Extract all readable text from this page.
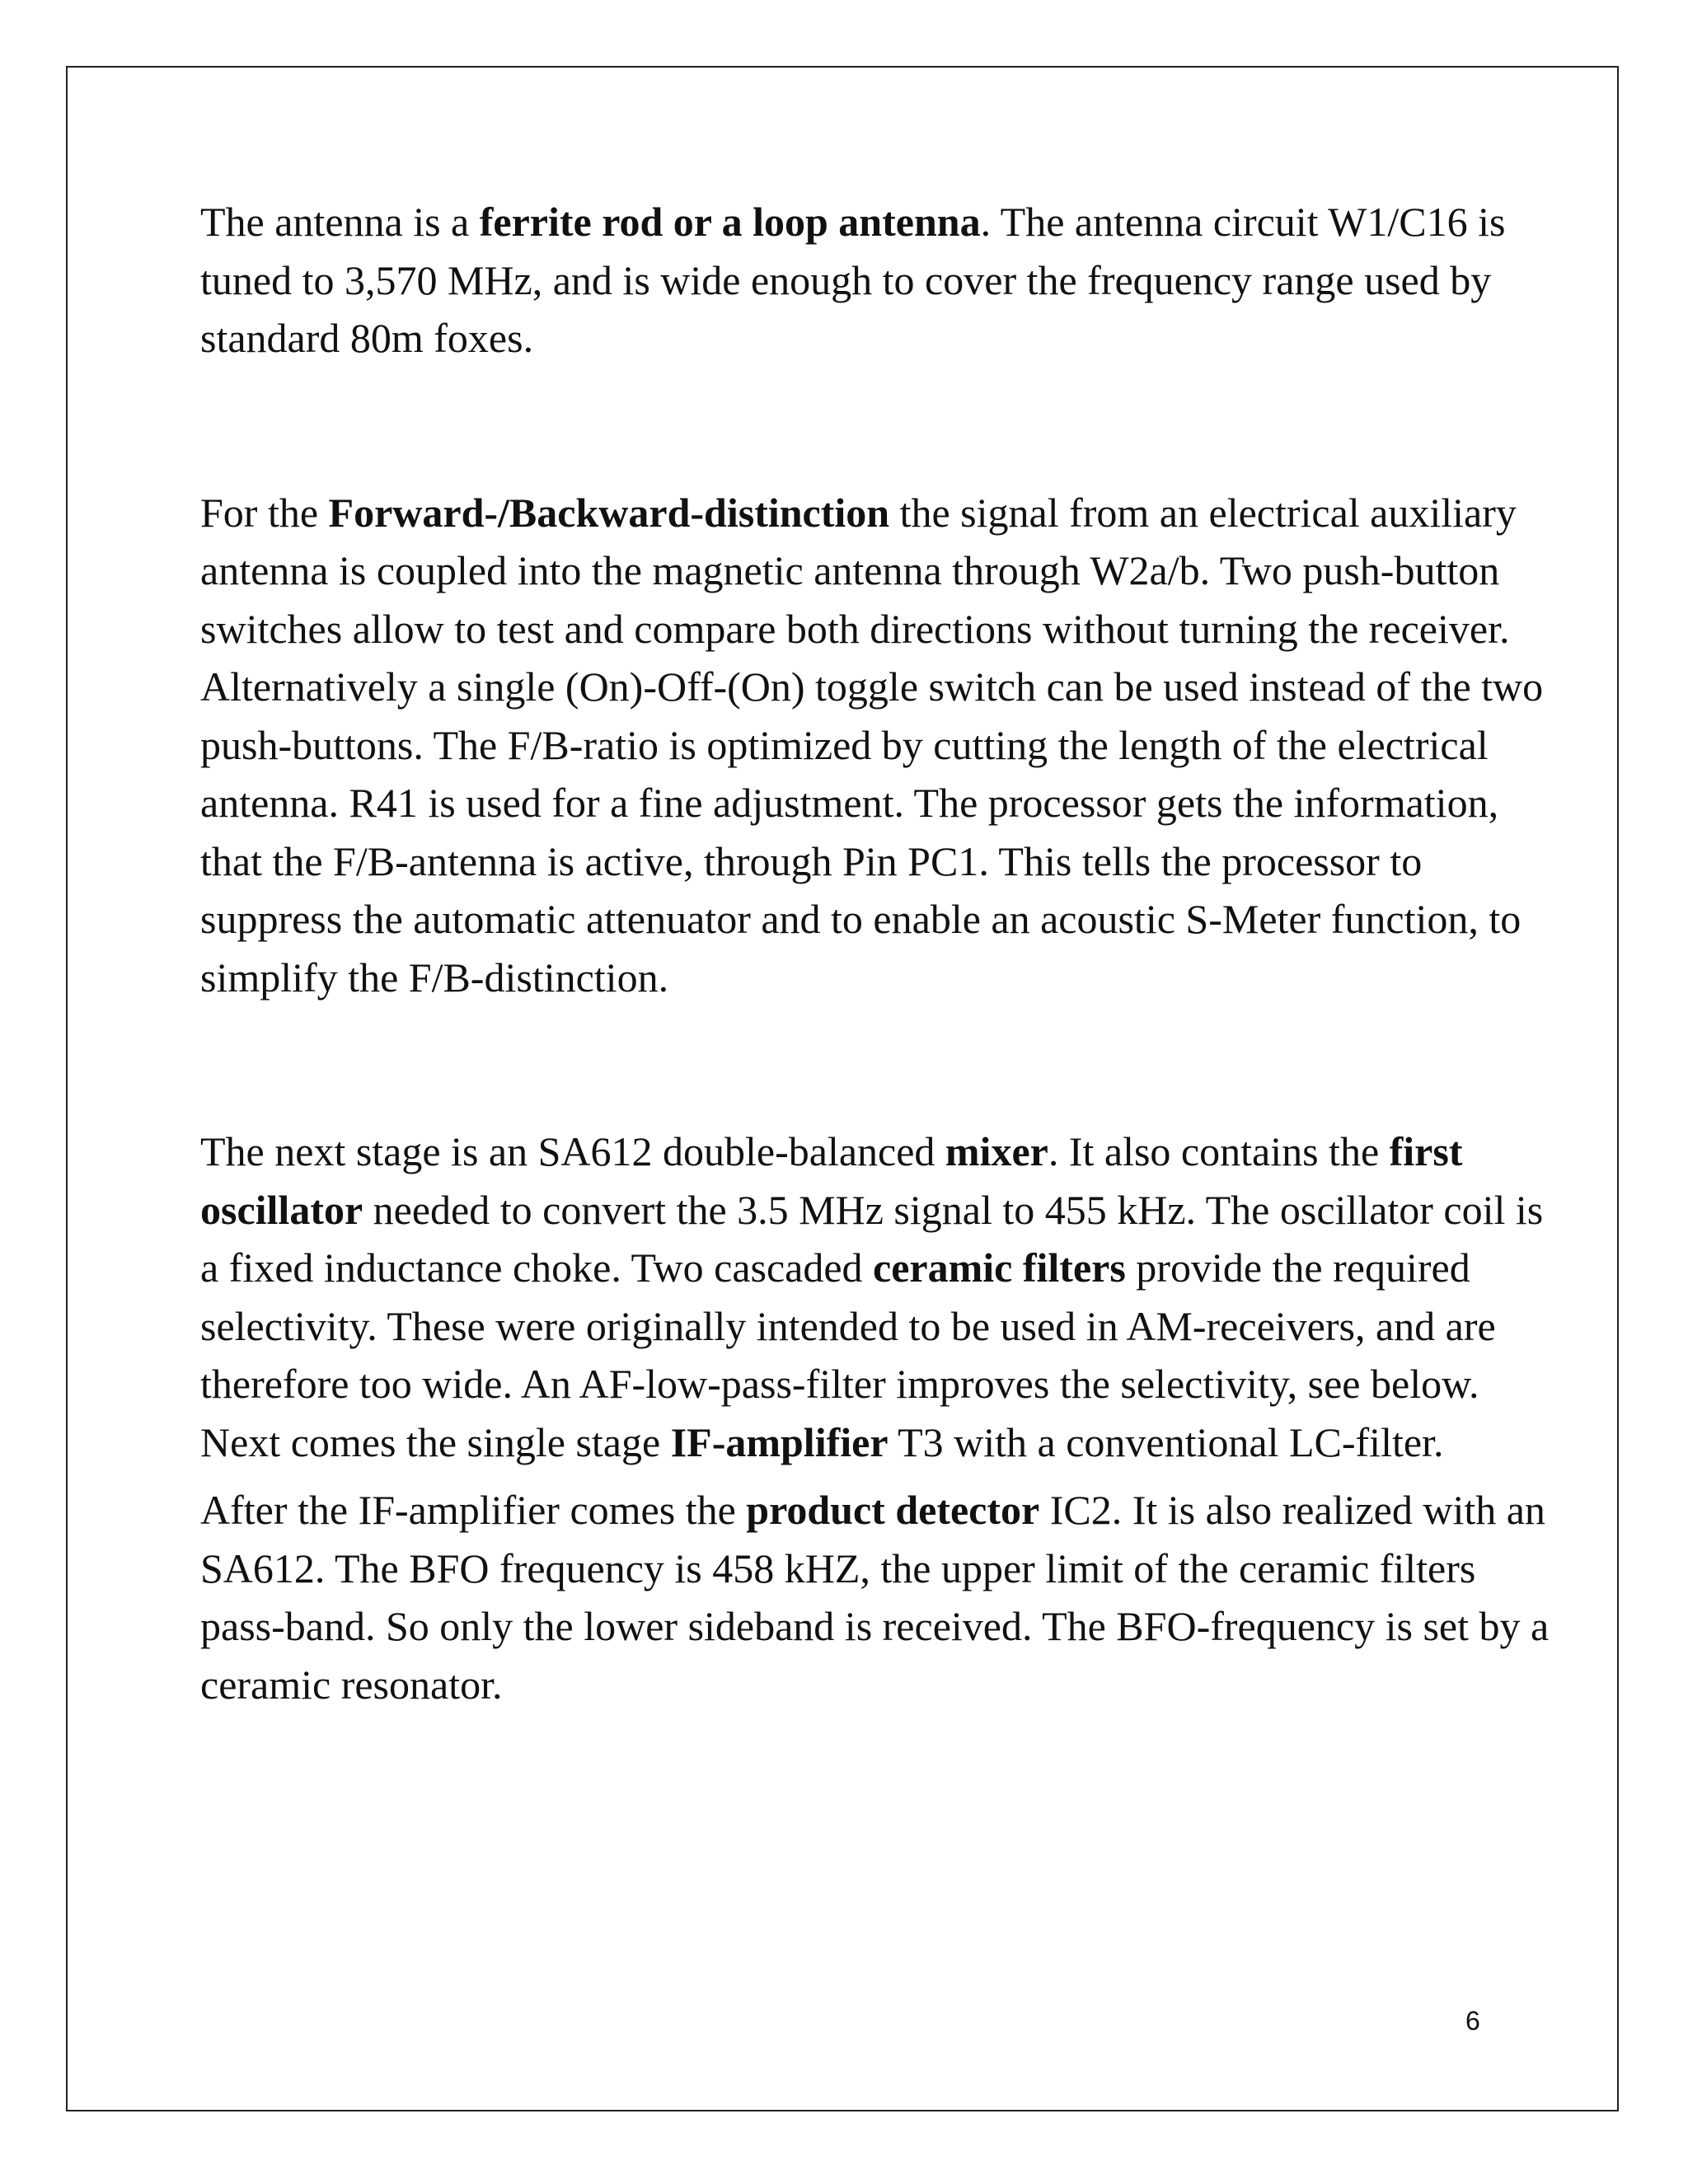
The antenna is a ferrite rod or a loop antenna. The antenna circuit W1/C16 is tuned to 3,570 MHz, and is wide enough to cover the frequency range used by standard 80m foxes.

For the Forward-/Backward-distinction the signal from an electrical auxiliary antenna is coupled into the magnetic antenna through W2a/b. Two push-button switches allow to test and compare both directions without turning the receiver. Alternatively a single (On)-Off-(On) toggle switch can be used instead of the two push-buttons. The F/B-ratio is optimized by cutting the length of the electrical antenna. R41 is used for a fine adjustment. The processor gets the information, that the F/B-antenna is active, through Pin PC1. This tells the processor to suppress the automatic attenuator and to enable an acoustic S-Meter function, to simplify the F/B-distinction.

The next stage is an SA612 double-balanced mixer. It also contains the first oscillator needed to convert the 3.5 MHz signal to 455 kHz. The oscillator coil is a fixed inductance choke. Two cascaded ceramic filters provide the required selectivity. These were originally intended to be used in AM-receivers, and are therefore too wide. An AF-low-pass-filter improves the selectivity, see below. Next comes the single stage IF-amplifier T3 with a conventional LC-filter.

After the IF-amplifier comes the product detector IC2. It is also realized with an SA612. The BFO frequency is 458 kHZ, the upper limit of the ceramic filters pass-band. So only the lower sideband is received. The BFO-frequency is set by a ceramic resonator.

6
